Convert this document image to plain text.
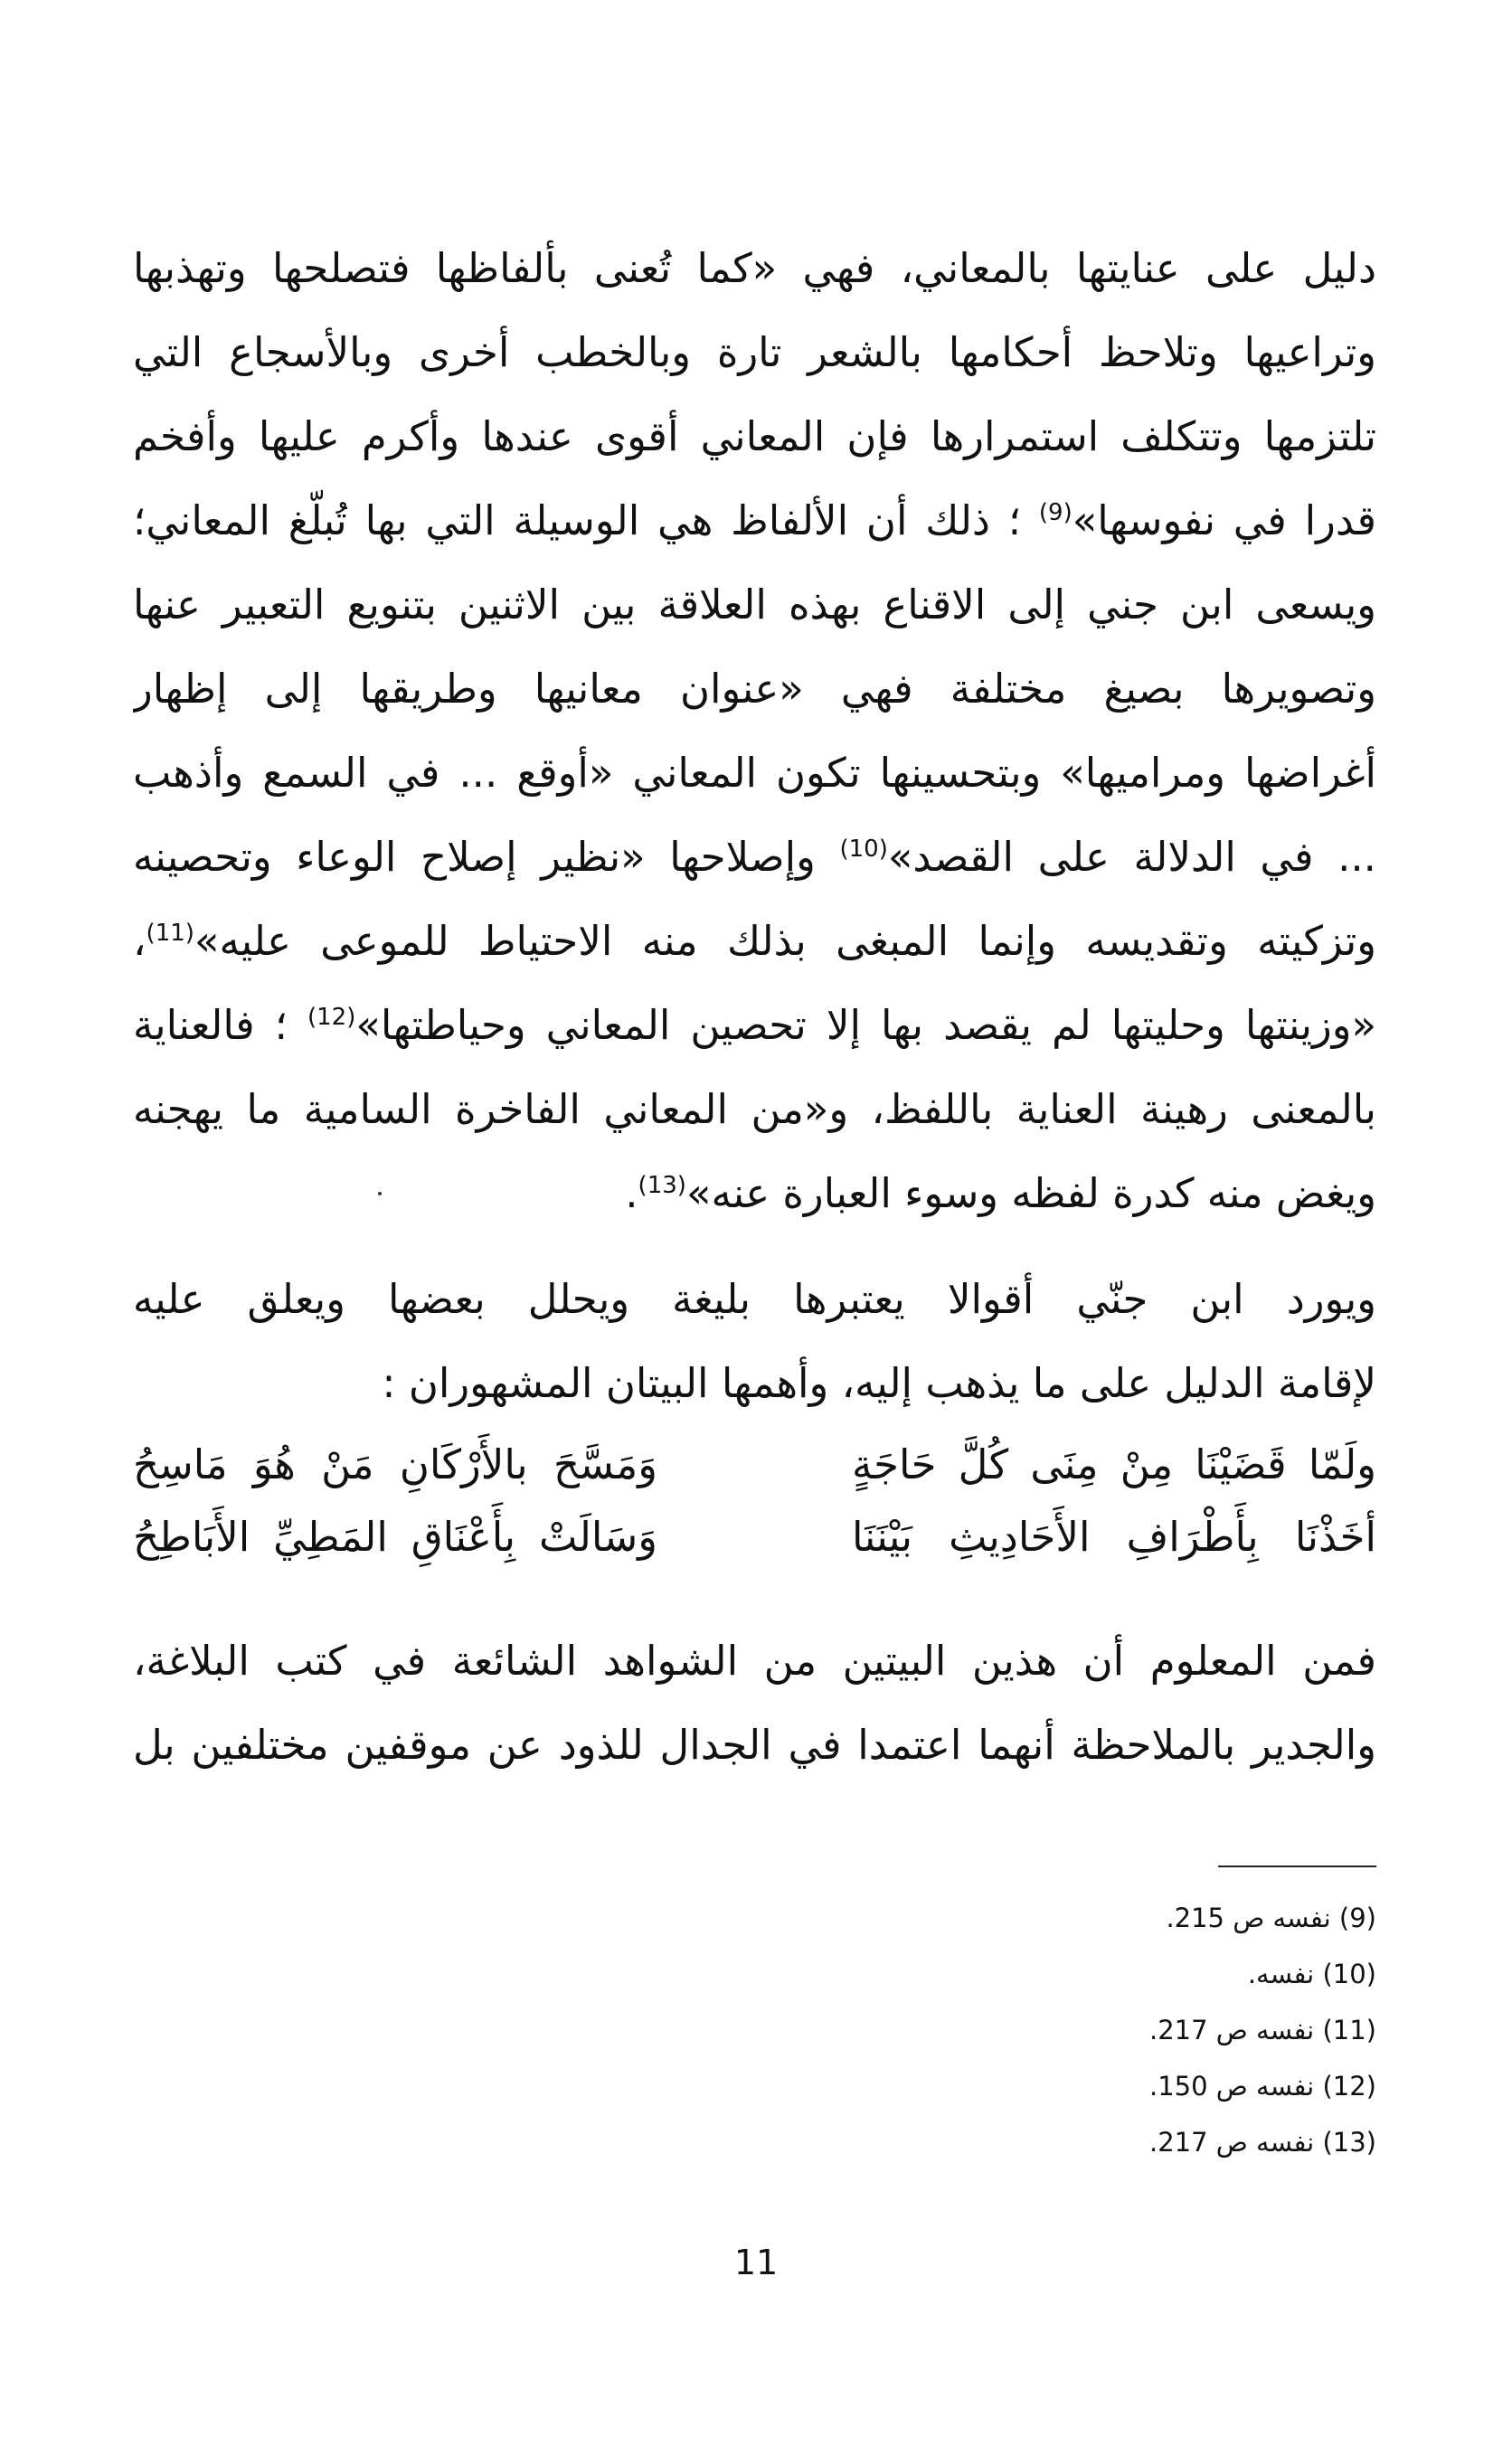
دليل على عنايتها بالمعاني، فهي «كما تُعنى بألفاظها فتصلحها وتهذبها
وتراعيها وتلاحظ أحكامها بالشعر تارة وبالخطب أخرى وبالأسجاع التي
تلتزمها وتتكلف استمرارها فإن المعاني أقوى عندها وأكرم عليها وأفخم
قدرا في نفوسها»$^{(9)}$ ؛ ذلك أن الألفاظ هي الوسيلة التي بها تُبلّغ المعاني؛
ويسعى ابن جني إلى الاقناع بهذه العلاقة بين الاثنين بتنويع التعبير عنها
وتصويرها بصيغ مختلفة فهي «عنوان معانيها وطريقها إلى إظهار
أغراضها ومراميها» وبتحسينها تكون المعاني «أوقع ... في السمع وأذهب
... في الدلالة على القصد»$^{(10)}$ وإصلاحها «نظير إصلاح الوعاء وتحصينه
وتزكيته وتقديسه وإنما المبغى بذلك منه الاحتياط للموعى عليه»$^{(11)}$،
«وزينتها وحليتها لم يقصد بها إلا تحصين المعاني وحياطتها»$^{(12)}$ ؛ فالعناية
بالمعنى رهينة العناية باللفظ، و«من المعاني الفاخرة السامية ما يهجنه
ويغض منه كدرة لفظه وسوء العبارة عنه»$^{(13)}$.
ويورد ابن جنّي أقوالا يعتبرها بليغة ويحلل بعضها ويعلق عليه
لإقامة الدليل على ما يذهب إليه، وأهمها البيتان المشهوران :
ولَمّا قَضَيْنَا مِنْ مِنَى كُلَّ حَاجَةٍ
وَمَسَّحَ بالأَرْكَانِ مَنْ هُوَ مَاسِحُ
أخَذْنَا بِأَطْرَافِ الأَحَادِيثِ بَيْنَنَا
وَسَالَتْ بِأَعْنَاقِ المَطِيِّ الأَبَاطِحُ
فمن المعلوم أن هذين البيتين من الشواهد الشائعة في كتب البلاغة،
والجدير بالملاحظة أنهما اعتمدا في الجدال للذود عن موقفين مختلفين بل
(9) نفسه ص 215.
(10) نفسه.
(11) نفسه ص 217.
(12) نفسه ص 150.
(13) نفسه ص 217.
11
